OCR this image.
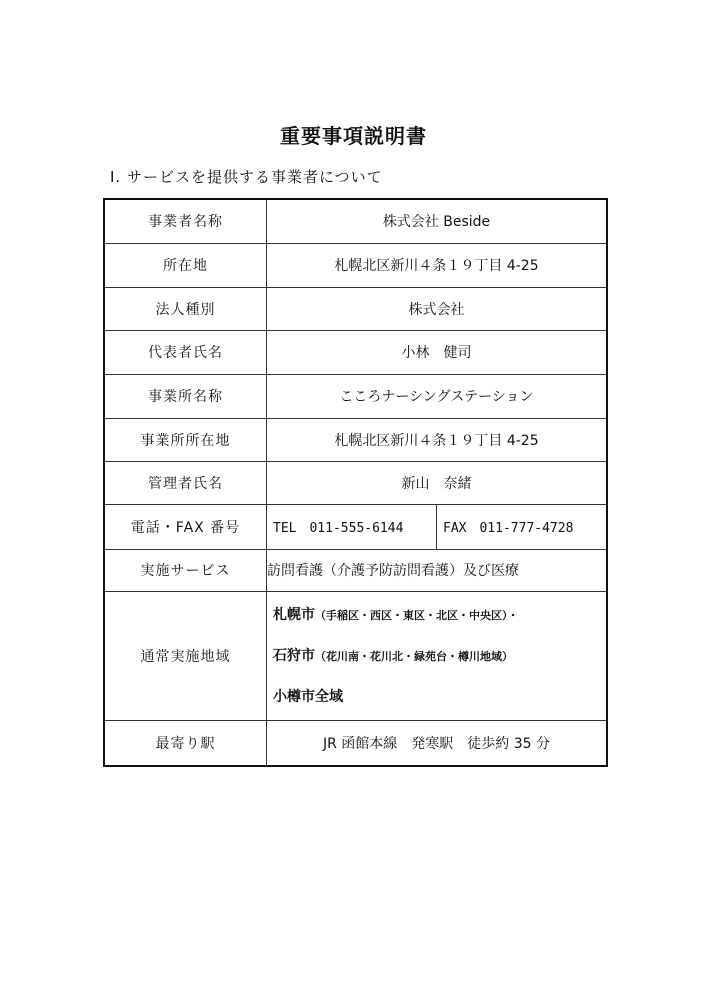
重要事項説明書
Ⅰ. サービスを提供する事業者について
事業者名称	株式会社 Beside
所在地	札幌北区新川４条１９丁目 4-25
法人種別	株式会社
代表者氏名	小林　健司
事業所名称	こころナーシングステーション
事業所所在地	札幌北区新川４条１９丁目 4-25
管理者氏名	新山　奈緒
電話・FAX 番号	TEL　011-555-6144 FAX　011-777-4728

実施サービス	訪問看護（介護予防訪問看護）及び医療
通常実施地域	札幌市（手稲区・西区・東区・北区・中央区）・
石狩市（花川南・花川北・緑苑台・樽川地域）
小樽市全域

最寄り駅	JR 函館本線　発寒駅　徒歩約 35 分
